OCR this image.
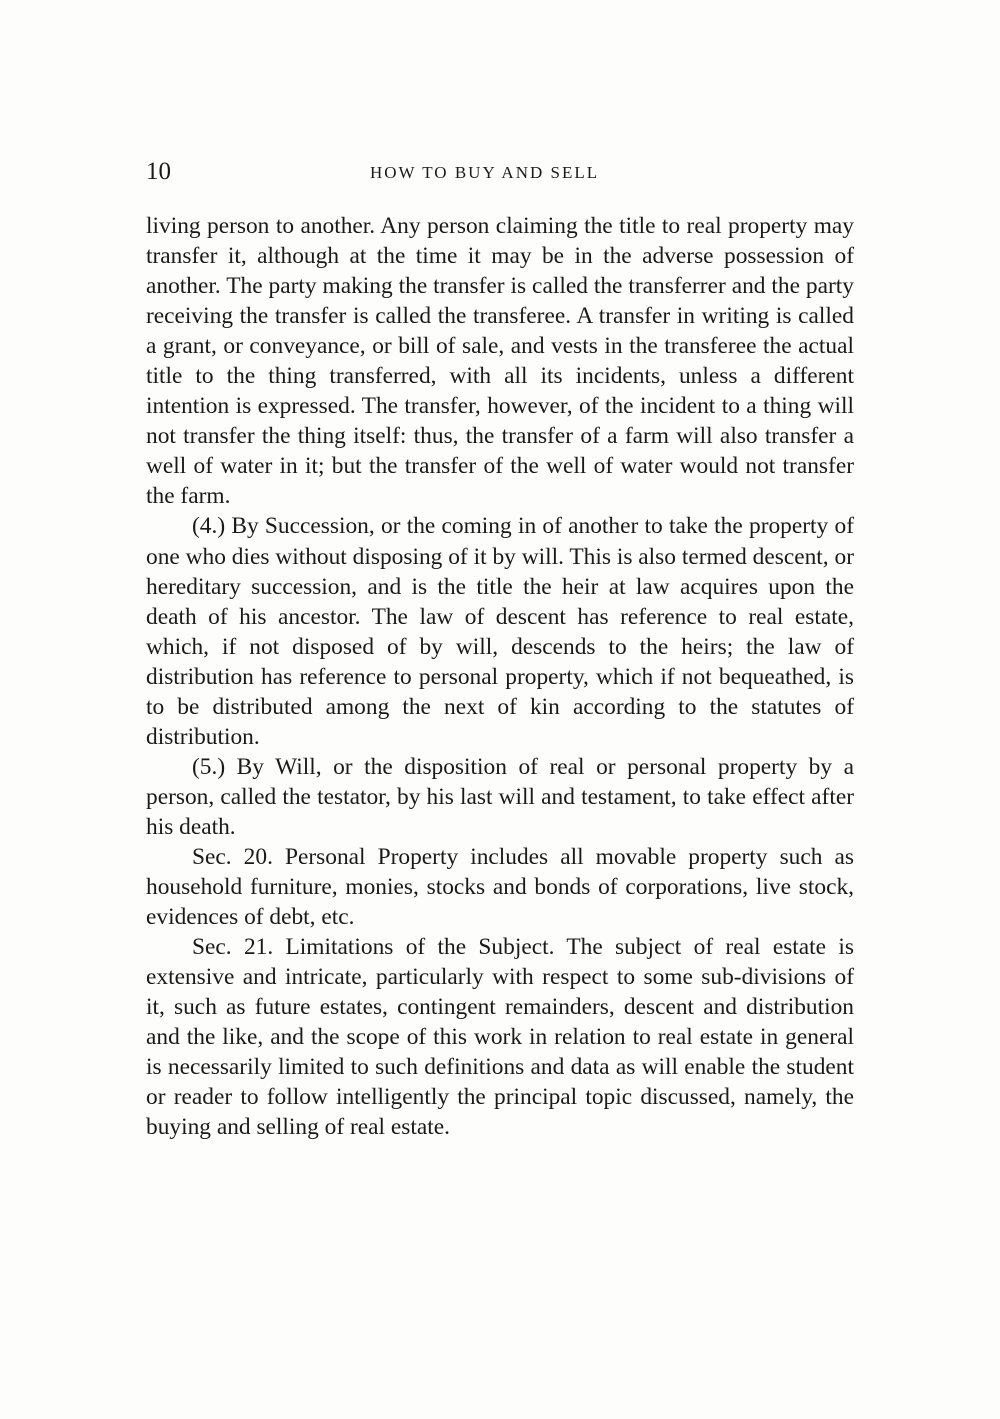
10	HOW TO BUY AND SELL

living person to another. Any person claiming the title to real property may transfer it, although at the time it may be in the adverse possession of another. The party making the transfer is called the transferrer and the party receiving the transfer is called the transferee. A transfer in writing is called a grant, or conveyance, or bill of sale, and vests in the transferee the actual title to the thing transferred, with all its incidents, unless a different intention is expressed. The transfer, however, of the incident to a thing will not transfer the thing itself: thus, the transfer of a farm will also transfer a well of water in it; but the transfer of the well of water would not transfer the farm.

(4.) By Succession, or the coming in of another to take the property of one who dies without disposing of it by will. This is also termed descent, or hereditary succession, and is the title the heir at law acquires upon the death of his ancestor. The law of descent has reference to real estate, which, if not disposed of by will, descends to the heirs; the law of distribution has reference to personal property, which if not bequeathed, is to be distributed among the next of kin according to the statutes of distribution.

(5.) By Will, or the disposition of real or personal property by a person, called the testator, by his last will and testament, to take effect after his death.

Sec. 20. Personal Property includes all movable property such as household furniture, monies, stocks and bonds of corporations, live stock, evidences of debt, etc.

Sec. 21. Limitations of the Subject. The subject of real estate is extensive and intricate, particularly with respect to some sub-divisions of it, such as future estates, contingent remainders, descent and distribution and the like, and the scope of this work in relation to real estate in general is necessarily limited to such definitions and data as will enable the student or reader to follow intelligently the principal topic discussed, namely, the buying and selling of real estate.
